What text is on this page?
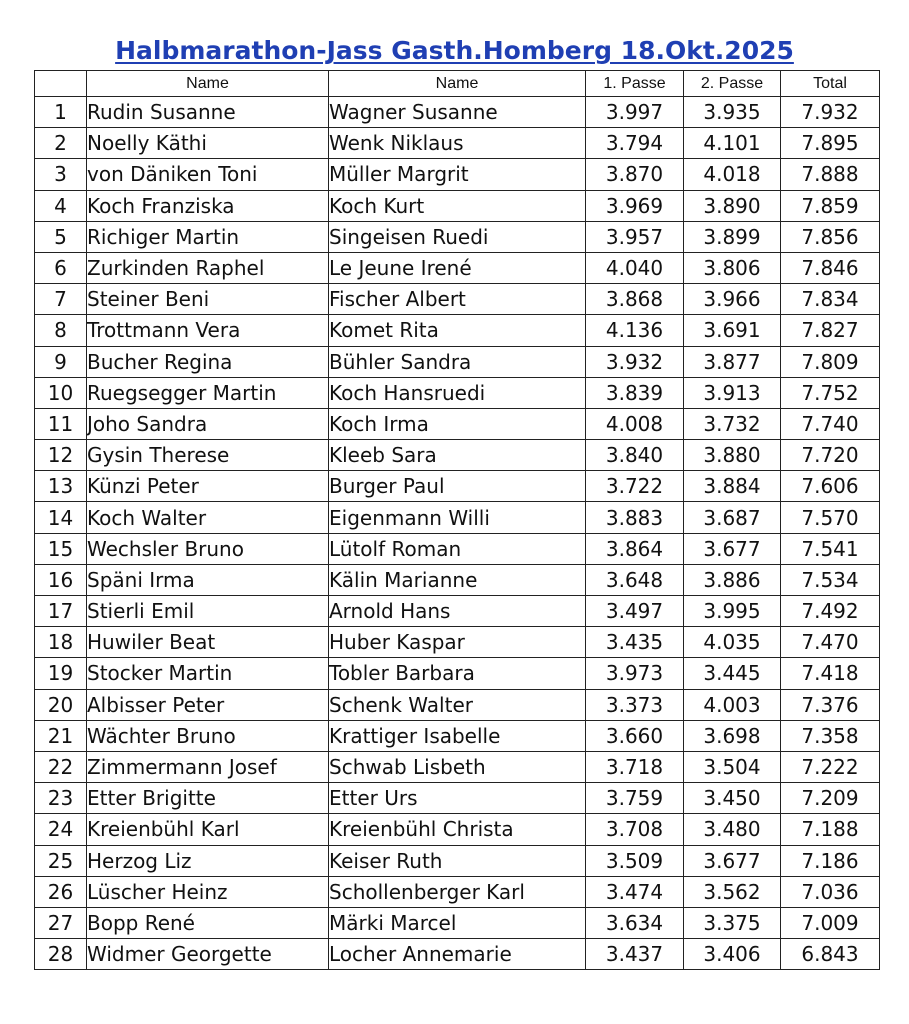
Halbmarathon-Jass Gasth.Homberg 18.Okt.2025
	Name	Name	1. Passe	2. Passe	Total
1	Rudin Susanne	Wagner Susanne	3.997	3.935	7.932
2	Noelly Käthi	Wenk Niklaus	3.794	4.101	7.895
3	von Däniken Toni	Müller Margrit	3.870	4.018	7.888
4	Koch Franziska	Koch Kurt	3.969	3.890	7.859
5	Richiger Martin	Singeisen Ruedi	3.957	3.899	7.856
6	Zurkinden Raphel	Le Jeune Irené	4.040	3.806	7.846
7	Steiner Beni	Fischer Albert	3.868	3.966	7.834
8	Trottmann Vera	Komet Rita	4.136	3.691	7.827
9	Bucher Regina	Bühler Sandra	3.932	3.877	7.809
10	Ruegsegger Martin	Koch Hansruedi	3.839	3.913	7.752
11	Joho Sandra	Koch Irma	4.008	3.732	7.740
12	Gysin Therese	Kleeb Sara	3.840	3.880	7.720
13	Künzi Peter	Burger Paul	3.722	3.884	7.606
14	Koch Walter	Eigenmann Willi	3.883	3.687	7.570
15	Wechsler Bruno	Lütolf Roman	3.864	3.677	7.541
16	Späni Irma	Kälin Marianne	3.648	3.886	7.534
17	Stierli Emil	Arnold Hans	3.497	3.995	7.492
18	Huwiler Beat	Huber Kaspar	3.435	4.035	7.470
19	Stocker Martin	Tobler Barbara	3.973	3.445	7.418
20	Albisser Peter	Schenk Walter	3.373	4.003	7.376
21	Wächter Bruno	Krattiger Isabelle	3.660	3.698	7.358
22	Zimmermann Josef	Schwab Lisbeth	3.718	3.504	7.222
23	Etter Brigitte	Etter Urs	3.759	3.450	7.209
24	Kreienbühl Karl	Kreienbühl Christa	3.708	3.480	7.188
25	Herzog Liz	Keiser Ruth	3.509	3.677	7.186
26	Lüscher Heinz	Schollenberger Karl	3.474	3.562	7.036
27	Bopp René	Märki Marcel	3.634	3.375	7.009
28	Widmer Georgette	Locher Annemarie	3.437	3.406	6.843
